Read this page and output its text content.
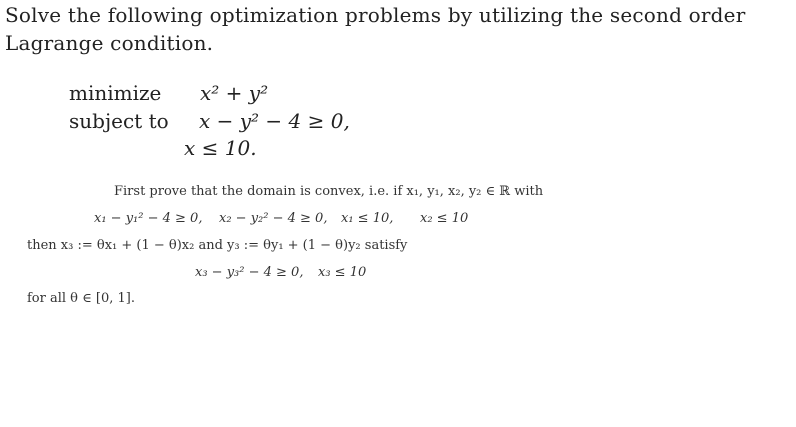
Solve the following optimization problems by utilizing the second order
Lagrange condition.
minimize x² + y²
subject to x − y² − 4 ≥ 0,
x ≤ 10.
First prove that the domain is convex, i.e. if x₁, y₁, x₂, y₂ ∈ ℝ with
x₁ − y₁² − 4 ≥ 0, x₂ − y₂² − 4 ≥ 0, x₁ ≤ 10, x₂ ≤ 10
then x₃ := θx₁ + (1 − θ)x₂ and y₃ := θy₁ + (1 − θ)y₂ satisfy
x₃ − y₃² − 4 ≥ 0, x₃ ≤ 10
for all θ ∈ [0, 1].
